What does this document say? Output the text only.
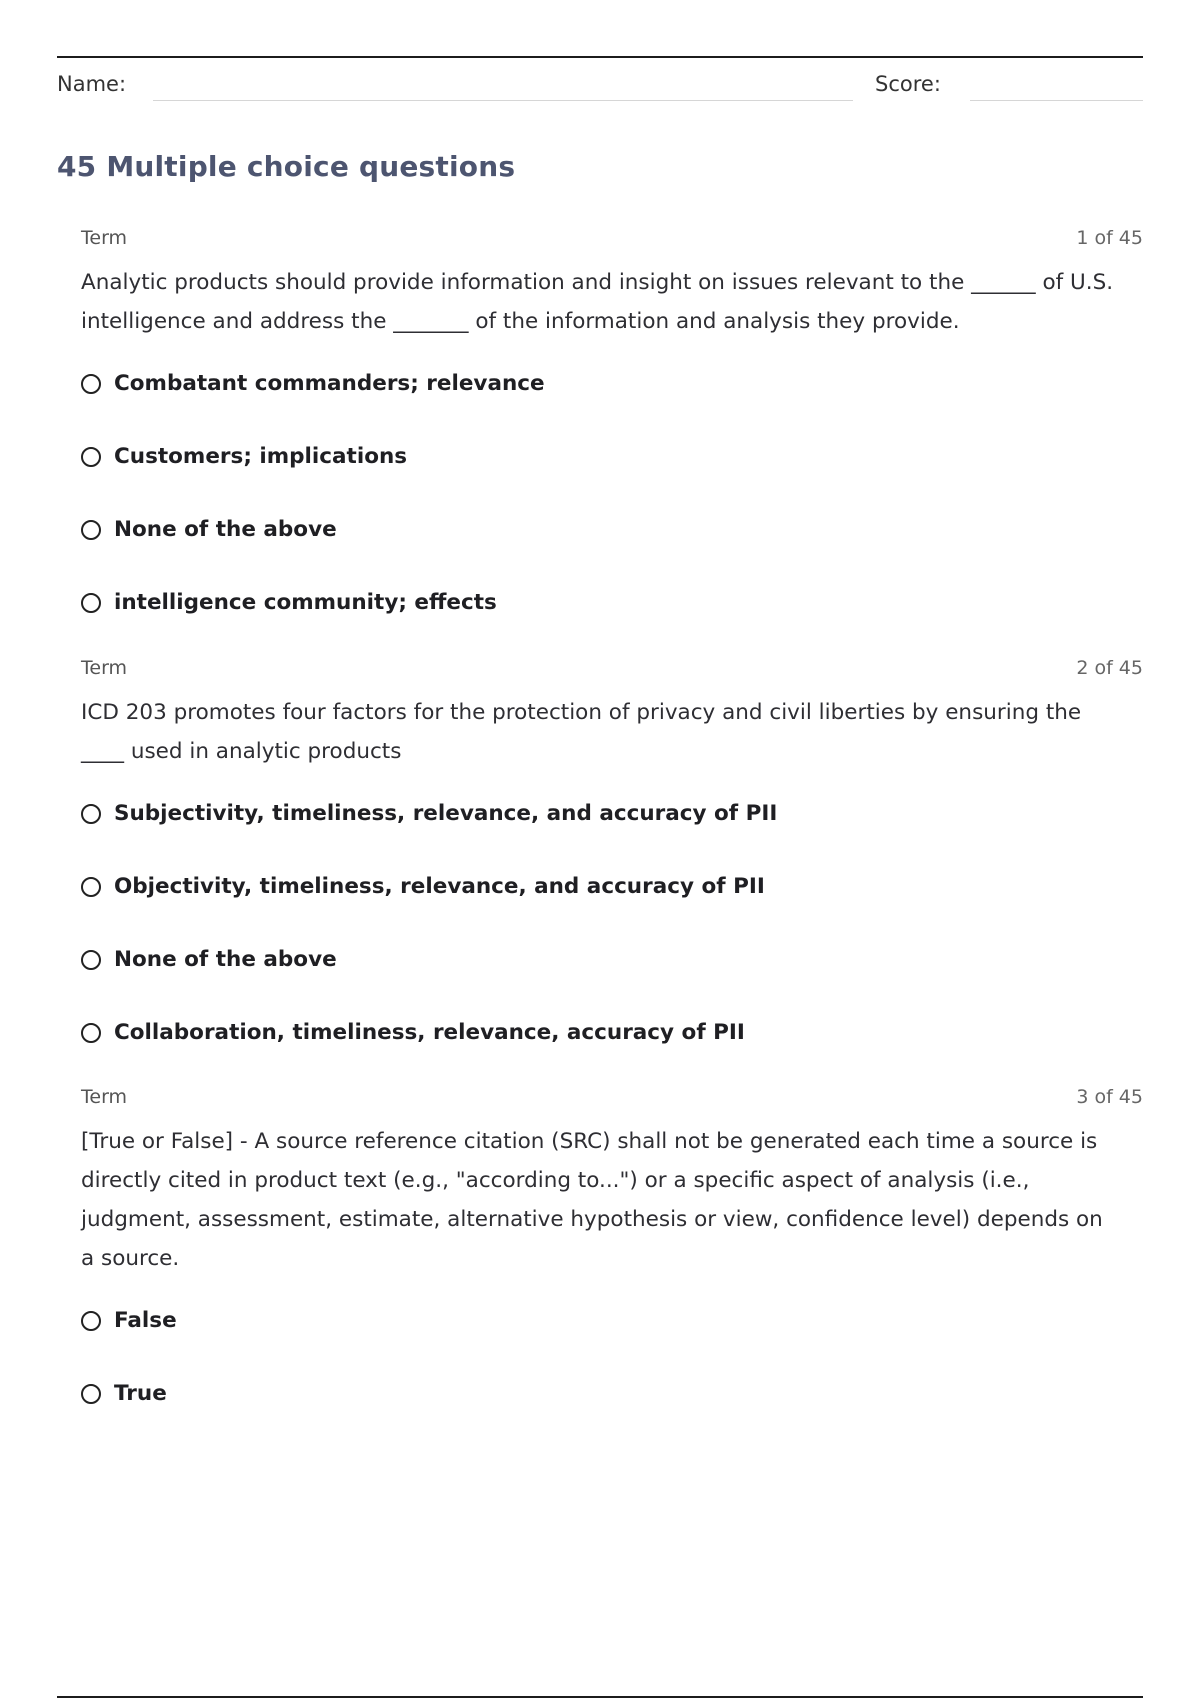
Name:	Score:
45 Multiple choice questions
Term	1 of 45
Analytic products should provide information and insight on issues relevant to the ______ of U.S. intelligence and address the _______ of the information and analysis they provide.
Combatant commanders; relevance
Customers; implications
None of the above
intelligence community; effects
Term	2 of 45
ICD 203 promotes four factors for the protection of privacy and civil liberties by ensuring the ____ used in analytic products
Subjectivity, timeliness, relevance, and accuracy of PII
Objectivity, timeliness, relevance, and accuracy of PII
None of the above
Collaboration, timeliness, relevance, accuracy of PII
Term	3 of 45
[True or False] - A source reference citation (SRC) shall not be generated each time a source is directly cited in product text (e.g., "according to...") or a specific aspect of analysis (i.e., judgment, assessment, estimate, alternative hypothesis or view, confidence level) depends on a source.
False
True
